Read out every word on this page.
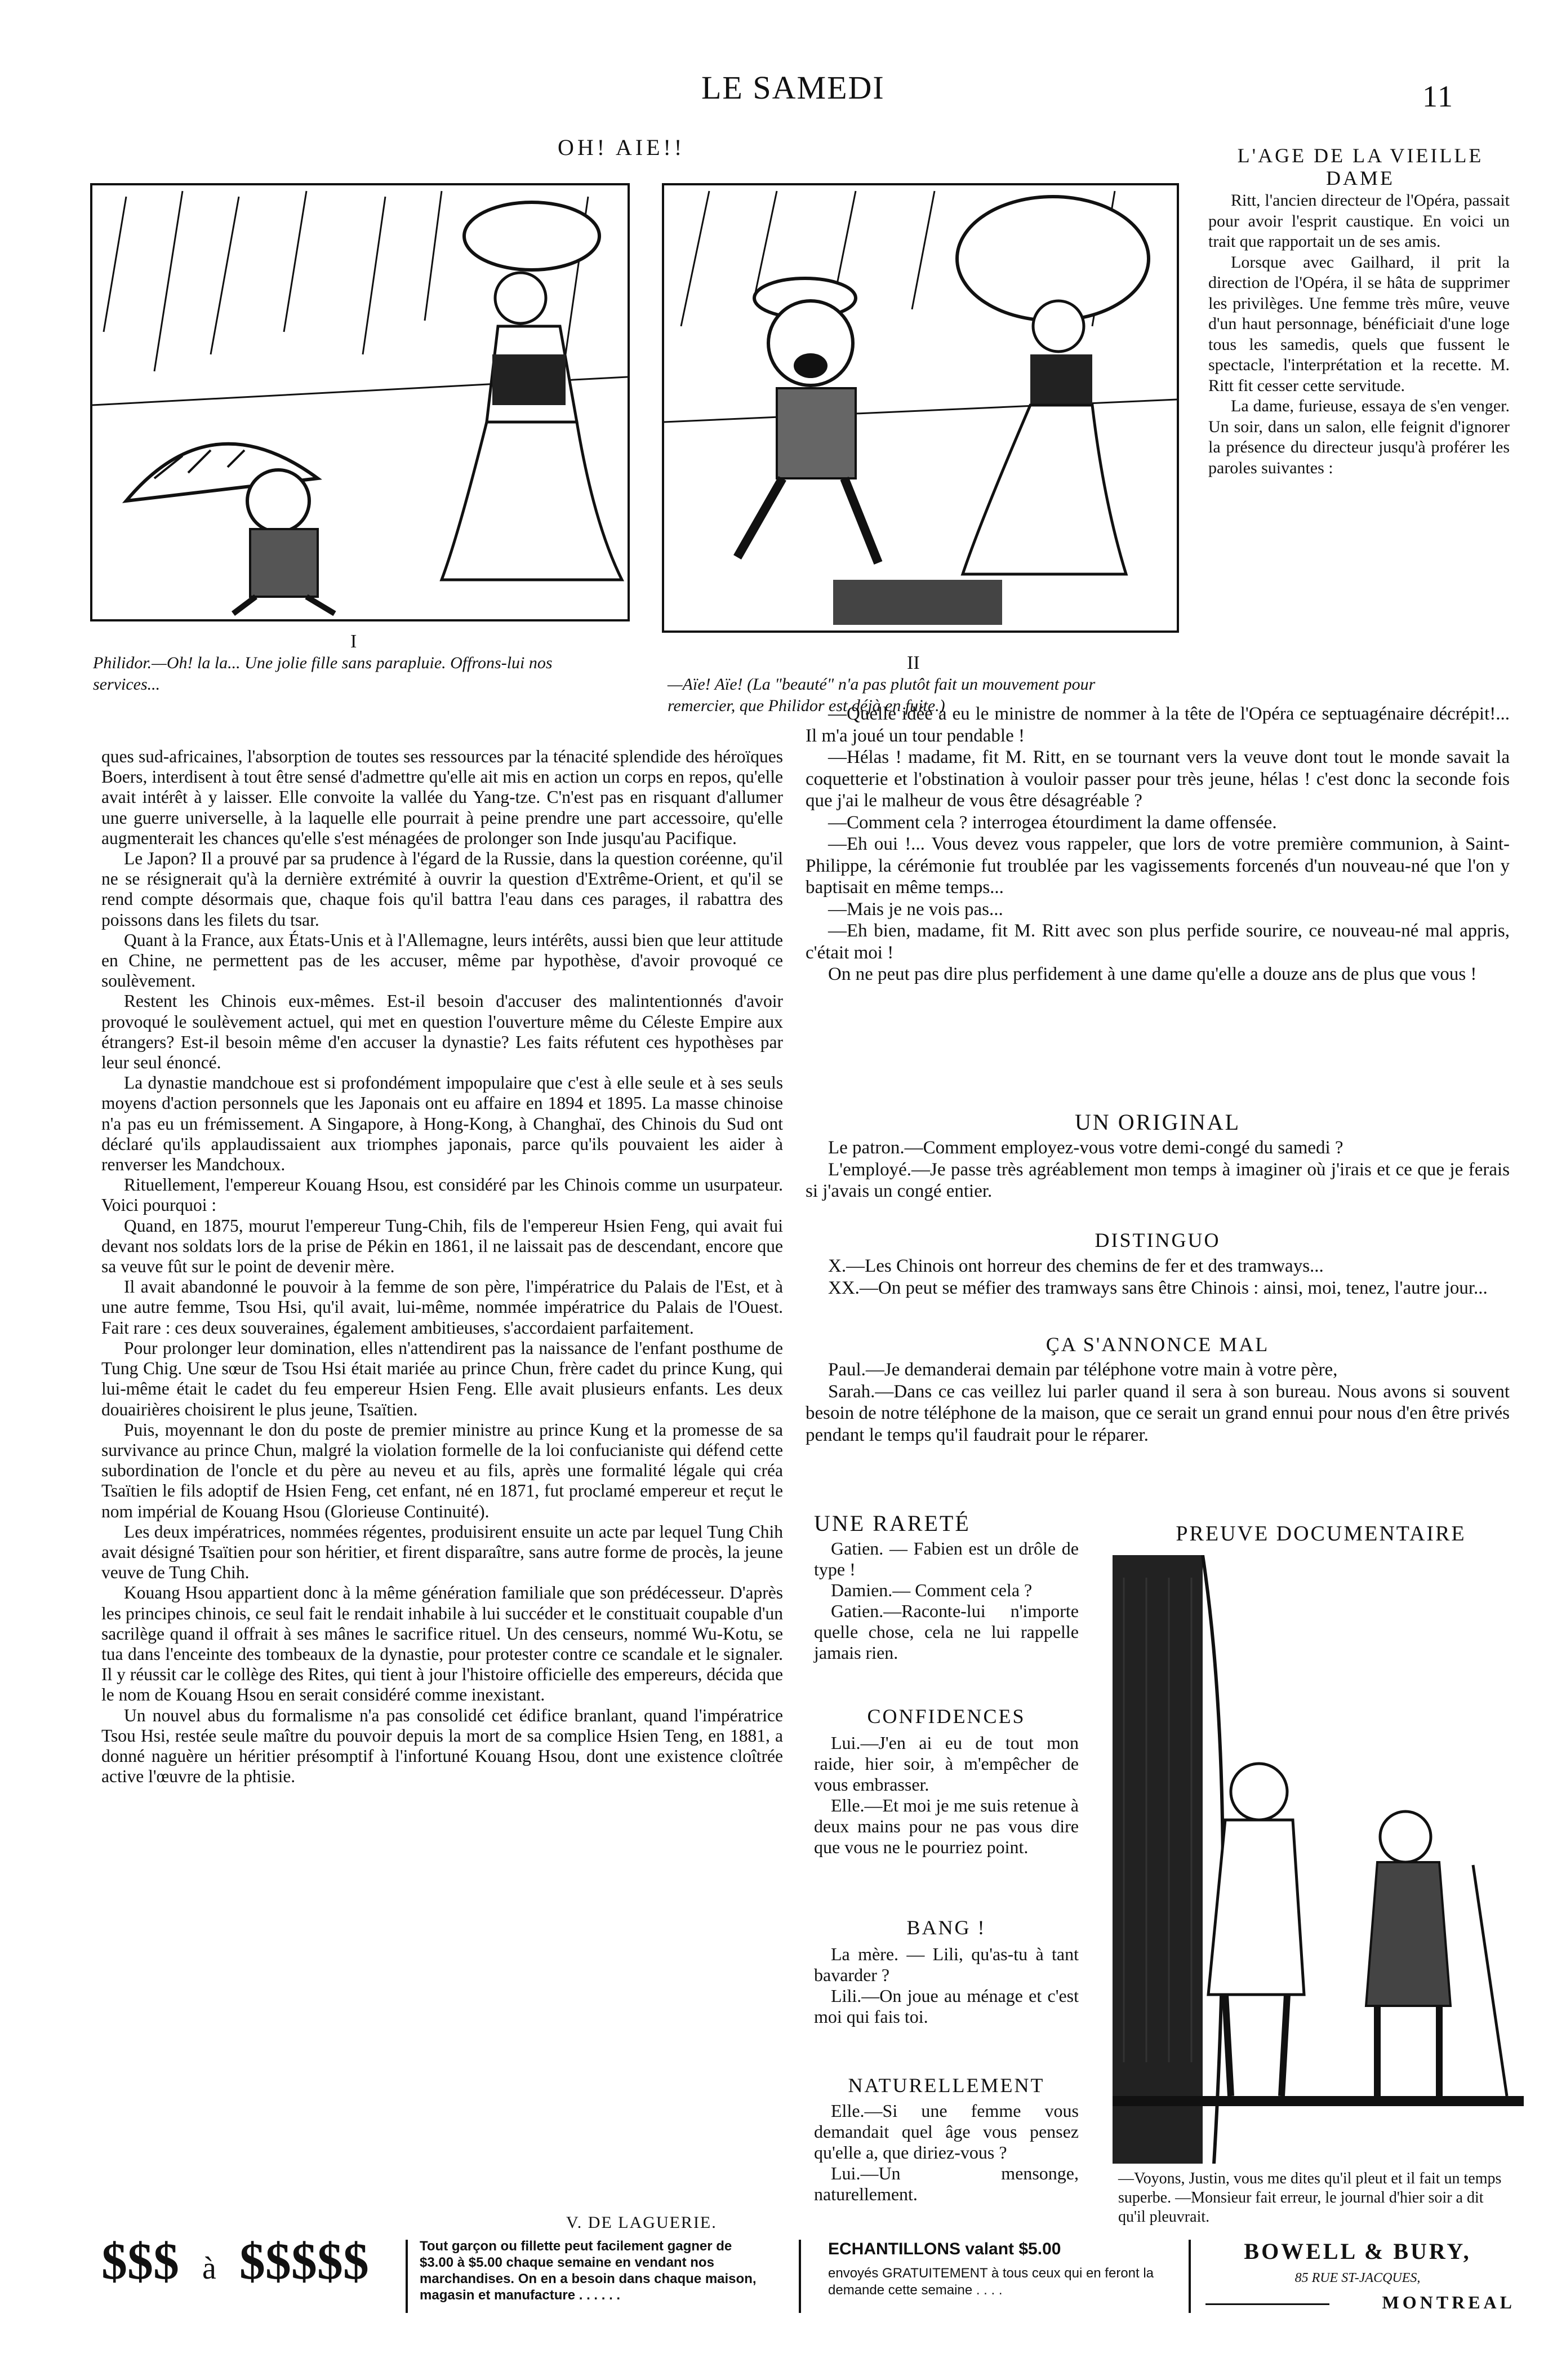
LE SAMEDI	11
OH! AIE!!
I
Philidor.—Oh! la la... Une jolie fille sans parapluie. Offrons-lui nos services...
II
—Aïe! Aïe! (La "beauté" n'a pas plutôt fait un mouvement pour remercier, que Philidor est déjà en fuite.)
L'AGE DE LA VIEILLE DAME

Ritt, l'ancien directeur de l'Opéra, passait pour avoir l'esprit caustique. En voici un trait que rapportait un de ses amis.

Lorsque avec Gailhard, il prit la direction de l'Opéra, il se hâta de supprimer les privilèges. Une femme très mûre, veuve d'un haut personnage, bénéficiait d'une loge tous les samedis, quels que fussent le spectacle, l'interprétation et la recette. M. Ritt fit cesser cette servitude.

La dame, furieuse, essaya de s'en venger. Un soir, dans un salon, elle feignit d'ignorer la présence du directeur jusqu'à proférer les paroles suivantes :

—Quelle idée a eu le ministre de nommer à la tête de l'Opéra ce septuagénaire décrépit!... Il m'a joué un tour pendable !

—Hélas ! madame, fit M. Ritt, en se tournant vers la veuve dont tout le monde savait la coquetterie et l'obstination à vouloir passer pour très jeune, hélas ! c'est donc la seconde fois que j'ai le malheur de vous être désagréable ?

—Comment cela ? interrogea étourdiment la dame offensée.

—Eh oui !... Vous devez vous rappeler, que lors de votre première communion, à Saint-Philippe, la cérémonie fut troublée par les vagissements forcenés d'un nouveau-né que l'on y baptisait en même temps...

—Mais je ne vois pas...

—Eh bien, madame, fit M. Ritt avec son plus perfide sourire, ce nouveau-né mal appris, c'était moi !

On ne peut pas dire plus perfidement à une dame qu'elle a douze ans de plus que vous !

ques sud-africaines, l'absorption de toutes ses ressources par la ténacité splendide des héroïques Boers, interdisent à tout être sensé d'admettre qu'elle ait mis en action un corps en repos, qu'elle avait intérêt à y laisser. Elle convoite la vallée du Yang-tze. C'n'est pas en risquant d'allumer une guerre universelle, à la laquelle elle pourrait à peine prendre une part accessoire, qu'elle augmenterait les chances qu'elle s'est ménagées de prolonger son Inde jusqu'au Pacifique.

Le Japon? Il a prouvé par sa prudence à l'égard de la Russie, dans la question coréenne, qu'il ne se résignerait qu'à la dernière extrémité à ouvrir la question d'Extrême-Orient, et qu'il se rend compte désormais que, chaque fois qu'il battra l'eau dans ces parages, il rabattra des poissons dans les filets du tsar.

Quant à la France, aux États-Unis et à l'Allemagne, leurs intérêts, aussi bien que leur attitude en Chine, ne permettent pas de les accuser, même par hypothèse, d'avoir provoqué ce soulèvement.

Restent les Chinois eux-mêmes. Est-il besoin d'accuser des malintentionnés d'avoir provoqué le soulèvement actuel, qui met en question l'ouverture même du Céleste Empire aux étrangers? Est-il besoin même d'en accuser la dynastie? Les faits réfutent ces hypothèses par leur seul énoncé.

La dynastie mandchoue est si profondément impopulaire que c'est à elle seule et à ses seuls moyens d'action personnels que les Japonais ont eu affaire en 1894 et 1895. La masse chinoise n'a pas eu un frémissement. A Singapore, à Hong-Kong, à Changhaï, des Chinois du Sud ont déclaré qu'ils applaudissaient aux triomphes japonais, parce qu'ils pouvaient les aider à renverser les Mandchoux.

Rituellement, l'empereur Kouang Hsou, est considéré par les Chinois comme un usurpateur. Voici pourquoi :

Quand, en 1875, mourut l'empereur Tung-Chih, fils de l'empereur Hsien Feng, qui avait fui devant nos soldats lors de la prise de Pékin en 1861, il ne laissait pas de descendant, encore que sa veuve fût sur le point de devenir mère.

Il avait abandonné le pouvoir à la femme de son père, l'impératrice du Palais de l'Est, et à une autre femme, Tsou Hsi, qu'il avait, lui-même, nommée impératrice du Palais de l'Ouest. Fait rare : ces deux souveraines, également ambitieuses, s'accordaient parfaitement.

Pour prolonger leur domination, elles n'attendirent pas la naissance de l'enfant posthume de Tung Chig. Une sœur de Tsou Hsi était mariée au prince Chun, frère cadet du prince Kung, qui lui-même était le cadet du feu empereur Hsien Feng. Elle avait plusieurs enfants. Les deux douairières choisirent le plus jeune, Tsaïtien.

Puis, moyennant le don du poste de premier ministre au prince Kung et la promesse de sa survivance au prince Chun, malgré la violation formelle de la loi confucianiste qui défend cette subordination de l'oncle et du père au neveu et au fils, après une formalité légale qui créa Tsaïtien le fils adoptif de Hsien Feng, cet enfant, né en 1871, fut proclamé empereur et reçut le nom impérial de Kouang Hsou (Glorieuse Continuité).

Les deux impératrices, nommées régentes, produisirent ensuite un acte par lequel Tung Chih avait désigné Tsaïtien pour son héritier, et firent disparaître, sans autre forme de procès, la jeune veuve de Tung Chih.

Kouang Hsou appartient donc à la même génération familiale que son prédécesseur. D'après les principes chinois, ce seul fait le rendait inhabile à lui succéder et le constituait coupable d'un sacrilège quand il offrait à ses mânes le sacrifice rituel. Un des censeurs, nommé Wu-Kotu, se tua dans l'enceinte des tombeaux de la dynastie, pour protester contre ce scandale et le signaler. Il y réussit car le collège des Rites, qui tient à jour l'histoire officielle des empereurs, décida que le nom de Kouang Hsou en serait considéré comme inexistant.

Un nouvel abus du formalisme n'a pas consolidé cet édifice branlant, quand l'impératrice Tsou Hsi, restée seule maître du pouvoir depuis la mort de sa complice Hsien Teng, en 1881, a donné naguère un héritier présomptif à l'infortuné Kouang Hsou, dont une existence cloîtrée active l'œuvre de la phtisie.

V. DE LAGUERIE.
UN ORIGINAL

Le patron.—Comment employez-vous votre demi-congé du samedi ?

L'employé.—Je passe très agréablement mon temps à imaginer où j'irais et ce que je ferais si j'avais un congé entier.

DISTINGUO

X.—Les Chinois ont horreur des chemins de fer et des tramways...

XX.—On peut se méfier des tramways sans être Chinois : ainsi, moi, tenez, l'autre jour...

ÇA S'ANNONCE MAL

Paul.—Je demanderai demain par téléphone votre main à votre père,

Sarah.—Dans ce cas veillez lui parler quand il sera à son bureau. Nous avons si souvent besoin de notre téléphone de la maison, que ce serait un grand ennui pour nous d'en être privés pendant le temps qu'il faudrait pour le réparer.

UNE RARETÉ

Gatien. — Fabien est un drôle de type !

Damien.— Comment cela ?

Gatien.—Raconte-lui n'importe quelle chose, cela ne lui rappelle jamais rien.

CONFIDENCES

Lui.—J'en ai eu de tout mon raide, hier soir, à m'empêcher de vous embrasser.

Elle.—Et moi je me suis retenue à deux mains pour ne pas vous dire que vous ne le pourriez point.

BANG !

La mère. — Lili, qu'as-tu à tant bavarder ?

Lili.—On joue au ménage et c'est moi qui fais toi.

NATURELLEMENT

Elle.—Si une femme vous demandait quel âge vous pensez qu'elle a, que diriez-vous ?

Lui.—Un mensonge, naturellement.

PREUVE DOCUMENTAIRE
—Voyons, Justin, vous me dites qu'il pleut et il fait un temps superbe. —Monsieur fait erreur, le journal d'hier soir a dit qu'il pleuvrait.
$$$ à $$$$$	Tout garçon ou fillette peut facilement gagner de $3.00 à $5.00 chaque semaine en vendant nos marchandises. On en a besoin dans chaque maison, magasin et manufacture . . . . . .
ECHANTILLONS valant $5.00
envoyés GRATUITEMENT à tous ceux qui en feront la demande cette semaine . . . .
BOWELL & BURY,
85 RUE ST-JACQUES,
MONTREAL
